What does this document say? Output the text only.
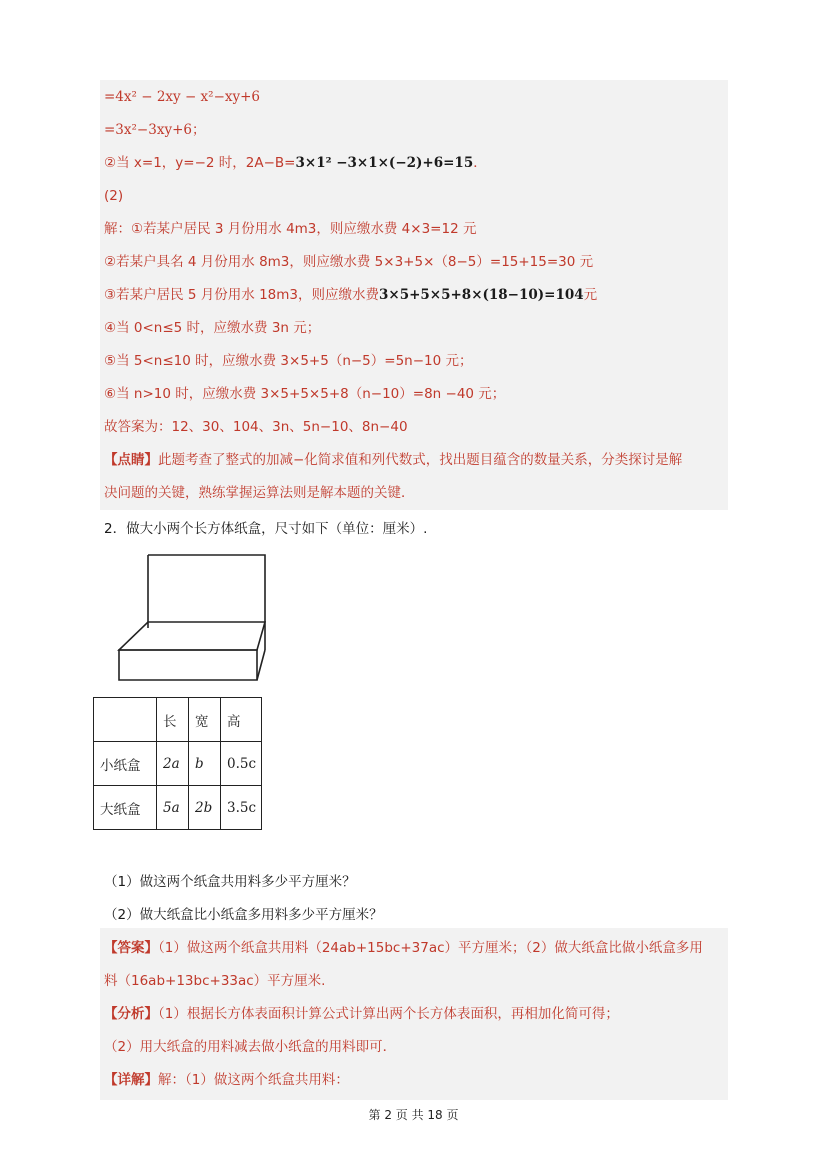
=4x² − 2xy − x²−xy+6
=3x²−3xy+6；
②当 x=1，y=−2 时，2A−B=3×1² −3×1×(−2)+6=15．
(2)
解：①若某户居民 3 月份用水 4m3，则应缴水费 4×3=12 元
②若某户具名 4 月份用水 8m3，则应缴水费 5×3+5×（8−5）=15+15=30 元
③若某户居民 5 月份用水 18m3，则应缴水费3×5+5×5+8×(18−10)=104元
④当 0<n≤5 时，应缴水费 3n 元；
⑤当 5<n≤10 时，应缴水费 3×5+5（n−5）=5n−10 元；
⑥当 n>10 时，应缴水费 3×5+5×5+8（n−10）=8n −40 元；
故答案为：12、30、104、3n、5n−10、8n−40
【点睛】此题考查了整式的加减−化简求值和列代数式，找出题目蕴含的数量关系，分类探讨是解
决问题的关键，熟练掌握运算法则是解本题的关键．
2．做大小两个长方体纸盒，尺寸如下（单位：厘米）.
	长	宽	高
小纸盒	2a	b	0.5c
大纸盒	5a	2b	3.5c
（1）做这两个纸盒共用料多少平方厘米？
（2）做大纸盒比小纸盒多用料多少平方厘米？
【答案】（1）做这两个纸盒共用料（24ab+15bc+37ac）平方厘米；（2）做大纸盒比做小纸盒多用
料（16ab+13bc+33ac）平方厘米.
【分析】（1）根据长方体表面积计算公式计算出两个长方体表面积，再相加化简可得；
（2）用大纸盒的用料减去做小纸盒的用料即可．
【详解】解：（1）做这两个纸盒共用料：
第 2 页 共 18 页
